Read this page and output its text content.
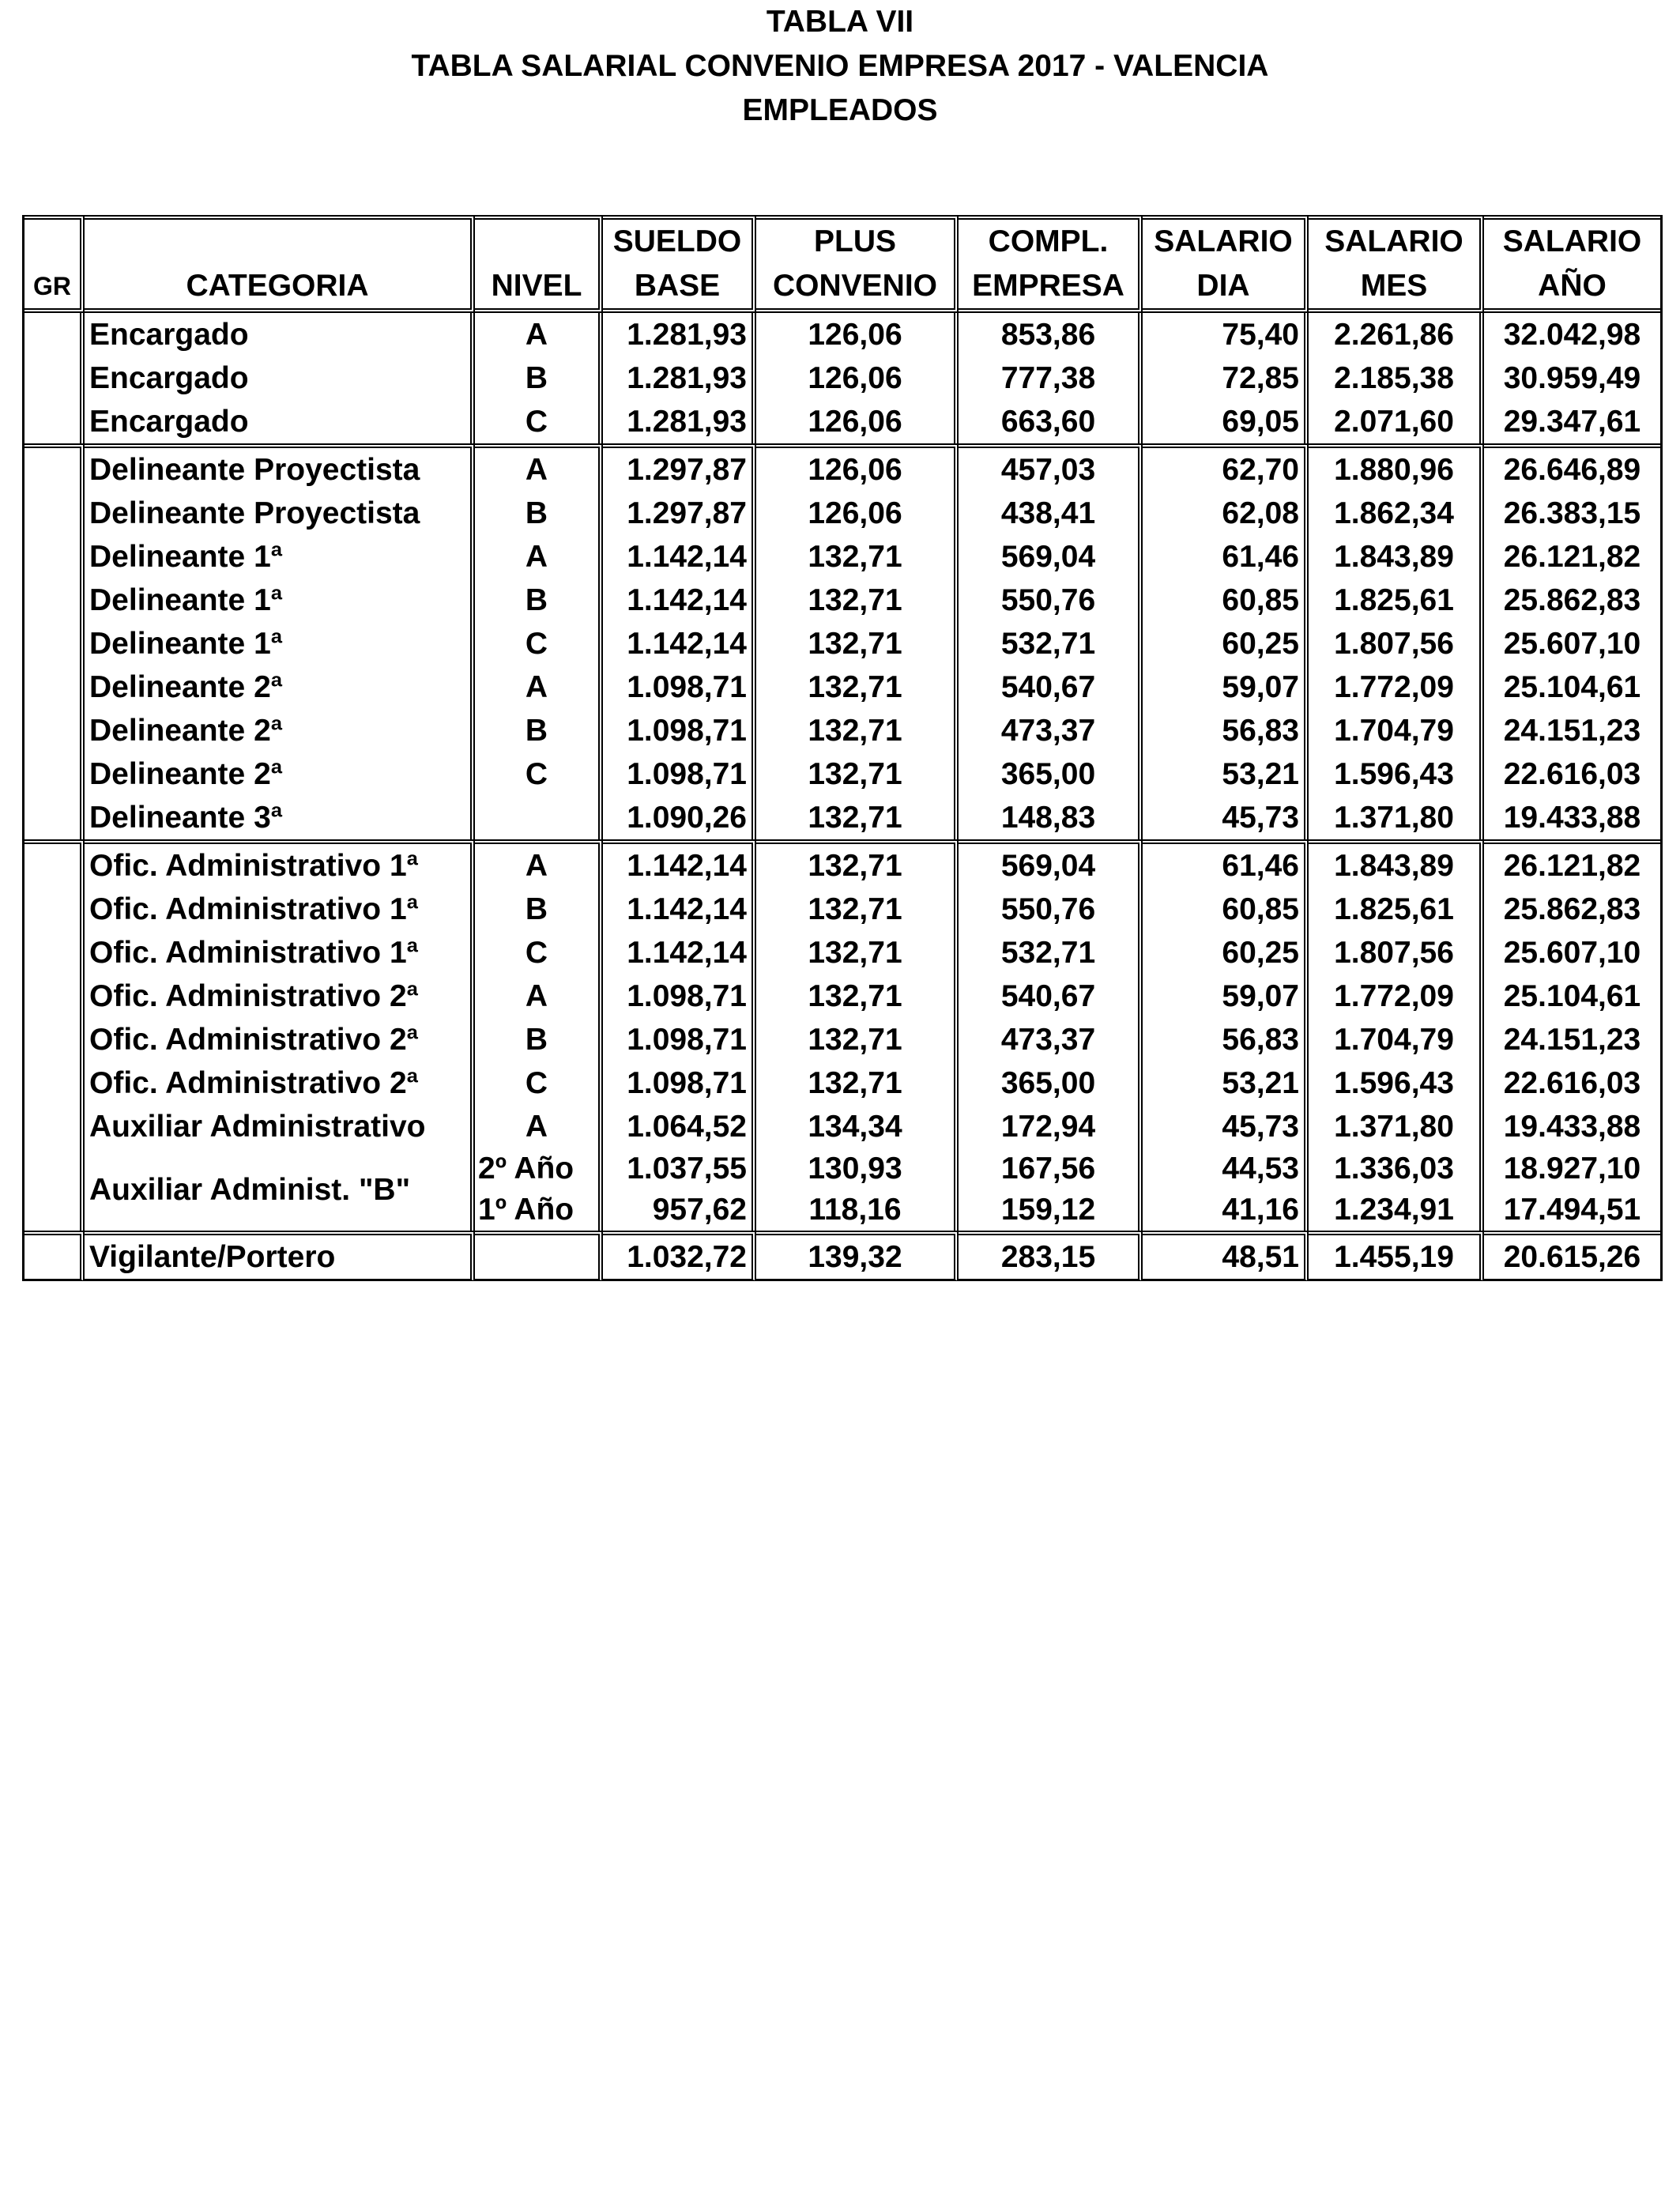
TABLA VII
TABLA SALARIAL CONVENIO EMPRESA 2017 - VALENCIA
EMPLEADOS
			SUELDO	PLUS	COMPL.	SALARIO	SALARIO	SALARIO
GR	CATEGORIA	NIVEL	BASE	CONVENIO	EMPRESA	DIA	MES	AÑO
	Encargado	A	1.281,93	126,06	853,86	75,40	2.261,86	32.042,98
	Encargado	B	1.281,93	126,06	777,38	72,85	2.185,38	30.959,49
	Encargado	C	1.281,93	126,06	663,60	69,05	2.071,60	29.347,61
	Delineante Proyectista	A	1.297,87	126,06	457,03	62,70	1.880,96	26.646,89
	Delineante Proyectista	B	1.297,87	126,06	438,41	62,08	1.862,34	26.383,15
	Delineante 1ª	A	1.142,14	132,71	569,04	61,46	1.843,89	26.121,82
	Delineante 1ª	B	1.142,14	132,71	550,76	60,85	1.825,61	25.862,83
	Delineante 1ª	C	1.142,14	132,71	532,71	60,25	1.807,56	25.607,10
	Delineante 2ª	A	1.098,71	132,71	540,67	59,07	1.772,09	25.104,61
	Delineante 2ª	B	1.098,71	132,71	473,37	56,83	1.704,79	24.151,23
	Delineante 2ª	C	1.098,71	132,71	365,00	53,21	1.596,43	22.616,03
	Delineante 3ª		1.090,26	132,71	148,83	45,73	1.371,80	19.433,88
	Ofic. Administrativo 1ª	A	1.142,14	132,71	569,04	61,46	1.843,89	26.121,82
	Ofic. Administrativo 1ª	B	1.142,14	132,71	550,76	60,85	1.825,61	25.862,83
	Ofic. Administrativo 1ª	C	1.142,14	132,71	532,71	60,25	1.807,56	25.607,10
	Ofic. Administrativo 2ª	A	1.098,71	132,71	540,67	59,07	1.772,09	25.104,61
	Ofic. Administrativo 2ª	B	1.098,71	132,71	473,37	56,83	1.704,79	24.151,23
	Ofic. Administrativo 2ª	C	1.098,71	132,71	365,00	53,21	1.596,43	22.616,03
	Auxiliar Administrativo	A	1.064,52	134,34	172,94	45,73	1.371,80	19.433,88
	Auxiliar Administ. "B"	2º Año	1.037,55	130,93	167,56	44,53	1.336,03	18.927,10
		1º Año	957,62	118,16	159,12	41,16	1.234,91	17.494,51
	Vigilante/Portero		1.032,72	139,32	283,15	48,51	1.455,19	20.615,26
